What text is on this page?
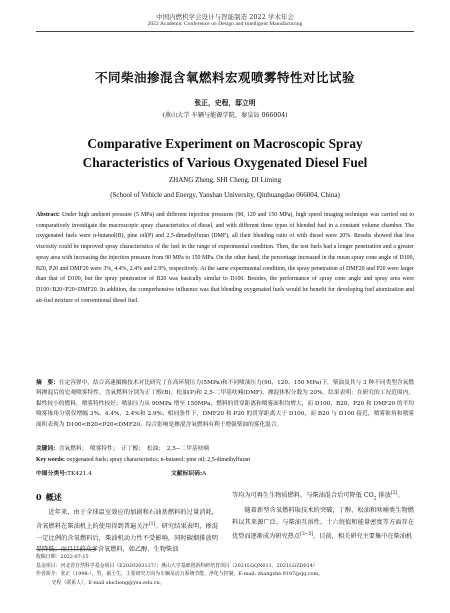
中国内燃机学会设计与智能制造 2022 学术年会
2022 Academic Conference on Design and Intelligent Manufacturing
不同柴油掺混含氧燃料宏观喷雾特性对比试验
张正，史程，邸立明
(燕山大学 车辆与能源学院，秦皇岛 066004)
Comparative Experiment on Macroscopic Spray
Characteristics of Various Oxygenated Diesel Fuel
ZHANG Zheng, SHI Cheng, DI Liming
(School of Vehicle and Energy, Yanshan University, Qinhuangdao 066004, China)
Abstract: Under high ambient pressure (5 MPa) and different injection pressures (90, 120 and 150 MPa), high speed imaging technique was carried out to comparatively investigate the macroscopic spray characteristics of diesel, and with different three types of blended fuel in a constant volume chamber. The oxygenated fuels were n-butanol(B), pine oil(P) and 2,5-dimethylfuran (DMF), all their blending ratio of with diesel were 20%. Results showed that less viscosity could be improved spray characteristics of the fuel in the range of experimental condition. Then, the test fuels had a longer penetration and a greater spray area with increasing the injection pressure from 90 MPa to 150 MPa. On the other hand, the percentage increased in the mean spray cone angle of D100, B20, P20 and DMF20 were 3%, 4.4%, 2.4% and 2.9%, respectively. At the same experimental condition, the spray penetration of DMF20 and P20 were larger than that of D100, but the spray penetration of B20 was basically similar to D100. Besides, the performance of spray cone angle and spray area were D100<B20<P20<DMF20. In addition, the comprehensive influence was that blending oxygenated fuels would be benefit for developing fuel atomization and air-fuel mixture of conventional diesel fuel.
摘　要：在定容弹中，结合高速摄像技术对比研究了在高环境压力(5MPa)和不同喷油压力(90、120、150 MPa)下，柴油及其与 3 种不同类型含氧燃料掺混后的宏观喷雾特性。含氧燃料分别为正丁醇(B)、松油(P)和 2,5-二甲基呋喃(DMF)，掺混体积分数为 20%。结果表明：在研究的工况范围内，黏性较小的燃料，喷雾特性较好；喷油压力从 90MPa 增至 150MPa，燃料的贯穿距离和喷雾面积均增大，而 D100、B20、P20 和 DMF20 的平均喷雾锥角分别仅增幅 3%、4.4%、2.4%和 2.9%；相同条件下，DMF20 和 P20 的贯穿距离大于 D100，而 B20 与 D100 接近，喷雾锥角和喷雾面积表现为 D100<B20<P20<DMF20。综合影响是掺混含氧燃料有利于增强柴油的雾化混合。
关键词：含氧燃料；　喷雾特性；　正丁醇；　松油；　2,5−二甲基呋喃
Key words: oxygenated fuels; spray characteristics; n-butanol; pine oil; 2,5-dimethylfuran
中图分类号:TK421.4	文献标识码:A
0  概述
近年来，由于全球温室效应的加剧和石油基燃料的过量消耗，含氧燃料在柴油机上的使用得到普遍关注[1]。研究结果表明，掺混一定比例的含氧燃料后，柴油机动力性不受影响，同时碳烟排放明显降低；而且目前众多含氧燃料，如乙醇、生物柴油
等均为可再生生物质燃料，与柴油混合后可降低 $CO_2$ 排放[2]。
随着新型含氧燃料取技术的突破，丁醇、松油和呋喃类生物燃料以其来源广泛、与柴油互溶性、十六烷值和能量密度等方面存在优势而逐渐成为研究热点[3−5]。目前，相关研究主要集中在柴油机
收稿日期：2022-07-15
基金项目：河北省自然科学基金项目（E2020203127）；燕山大学基础创新科研培育项目（2021LGQN011，2021LGZD014）
作者简介：张正（1998-），男，硕士生，主要研究方向为车辆及动力系统节能、净化与控制，E-mail: zhangzhe.9197@qq.com。
史程（联系人），E-mail shicheng@ysu.edu.cn。
